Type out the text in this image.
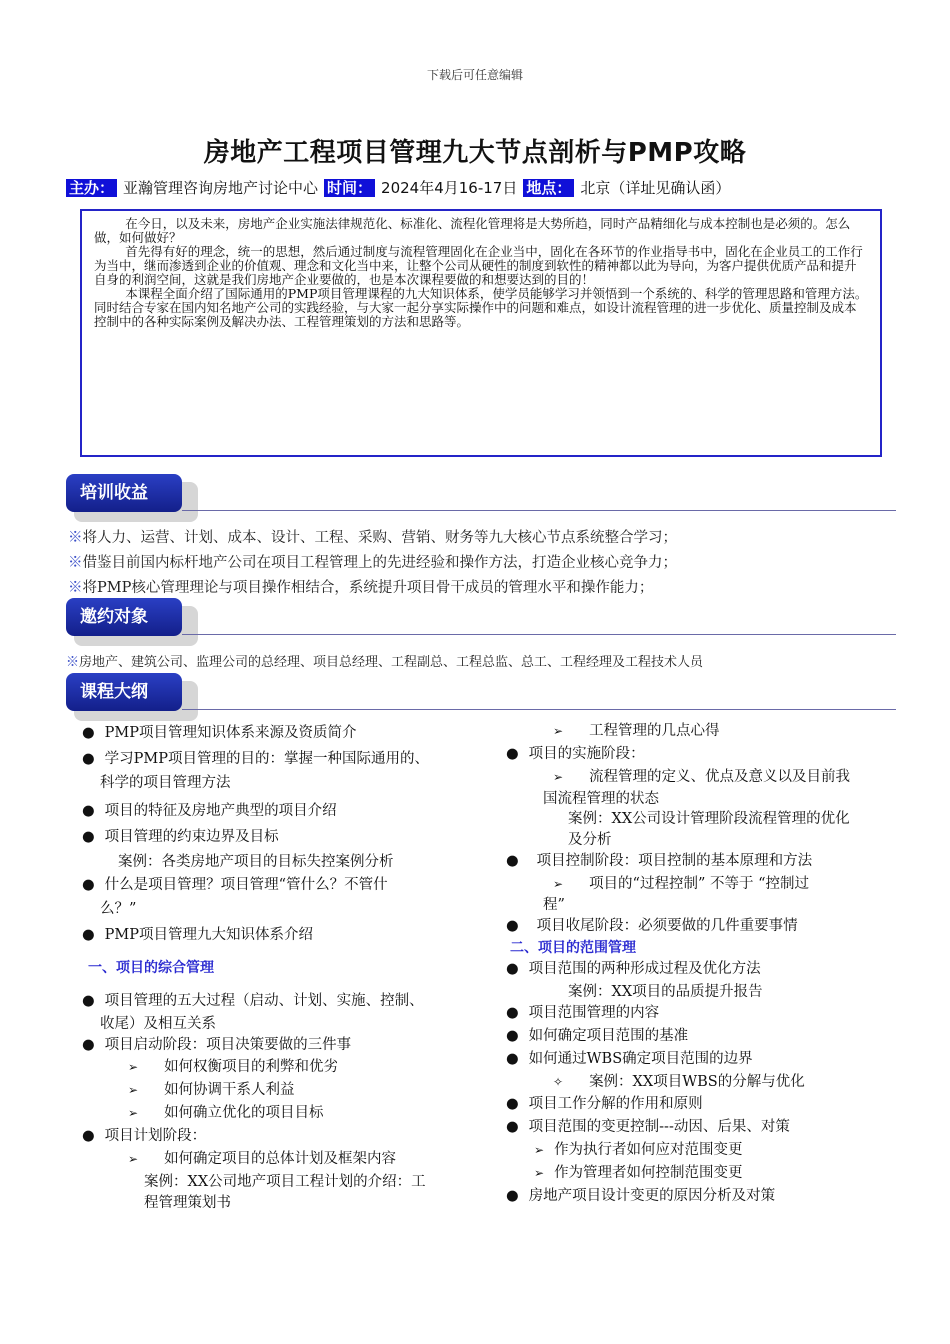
下载后可任意编辑
房地产工程项目管理九大节点剖析与PMP攻略
主办： 亚瀚管理咨询房地产讨论中心 时间： 2024年4月16-17日 地点： 北京（详址见确认函）

在今日，以及未来，房地产企业实施法律规范化、标准化、流程化管理将是大势所趋，同时产品精细化与成本控制也是必须的。怎么做，如何做好？

首先得有好的理念，统一的思想，然后通过制度与流程管理固化在企业当中，固化在各环节的作业指导书中，固化在企业员工的工作行为当中，继而渗透到企业的价值观、理念和文化当中来，让整个公司从硬性的制度到软性的精神都以此为导向，为客户提供优质产品和提升自身的利润空间，这就是我们房地产企业要做的，也是本次课程要做的和想要达到的目的！

本课程全面介绍了国际通用的PMP项目管理课程的九大知识体系，使学员能够学习并领悟到一个系统的、科学的管理思路和管理方法。同时结合专家在国内知名地产公司的实践经验，与大家一起分享实际操作中的问题和难点，如设计流程管理的进一步优化、质量控制及成本控制中的各种实际案例及解决办法、工程管理策划的方法和思路等。

培训收益
※将人力、运营、计划、成本、设计、工程、采购、营销、财务等九大核心节点系统整合学习；
※借鉴目前国内标杆地产公司在项目工程管理上的先进经验和操作方法，打造企业核心竞争力；
※将PMP核心管理理论与项目操作相结合，系统提升项目骨干成员的管理水平和操作能力；
邀约对象
※房地产、建筑公司、监理公司的总经理、项目总经理、工程副总、工程总监、总工、工程经理及工程技术人员
课程大纲
● PMP项目管理知识体系来源及资质简介
● 学习PMP项目管理的目的：掌握一种国际通用的、
科学的项目管理方法
● 项目的特征及房地产典型的项目介绍
● 项目管理的约束边界及目标
案例：各类房地产项目的目标失控案例分析
● 什么是项目管理？项目管理“管什么？不管什
么？”
● PMP项目管理九大知识体系介绍
一、项目的综合管理
● 项目管理的五大过程（启动、计划、实施、控制、
收尾）及相互关系
● 项目启动阶段：项目决策要做的三件事
➢ 如何权衡项目的利弊和优劣
➢ 如何协调干系人利益
➢ 如何确立优化的项目目标
● 项目计划阶段：
➢ 如何确定项目的总体计划及框架内容
案例：XX公司地产项目工程计划的介绍：工
程管理策划书
➢ 工程管理的几点心得
● 项目的实施阶段：
➢ 流程管理的定义、优点及意义以及目前我
国流程管理的状态
案例：XX公司设计管理阶段流程管理的优化
及分析
● 项目控制阶段：项目控制的基本原理和方法
➢ 项目的“过程控制” 不等于 “控制过
程”
● 项目收尾阶段：必须要做的几件重要事情
二、项目的范围管理
● 项目范围的两种形成过程及优化方法
案例：XX项目的品质提升报告
● 项目范围管理的内容
● 如何确定项目范围的基准
● 如何通过WBS确定项目范围的边界
✧ 案例：XX项目WBS的分解与优化
● 项目工作分解的作用和原则
● 项目范围的变更控制---动因、后果、对策
➢ 作为执行者如何应对范围变更
➢ 作为管理者如何控制范围变更
● 房地产项目设计变更的原因分析及对策
